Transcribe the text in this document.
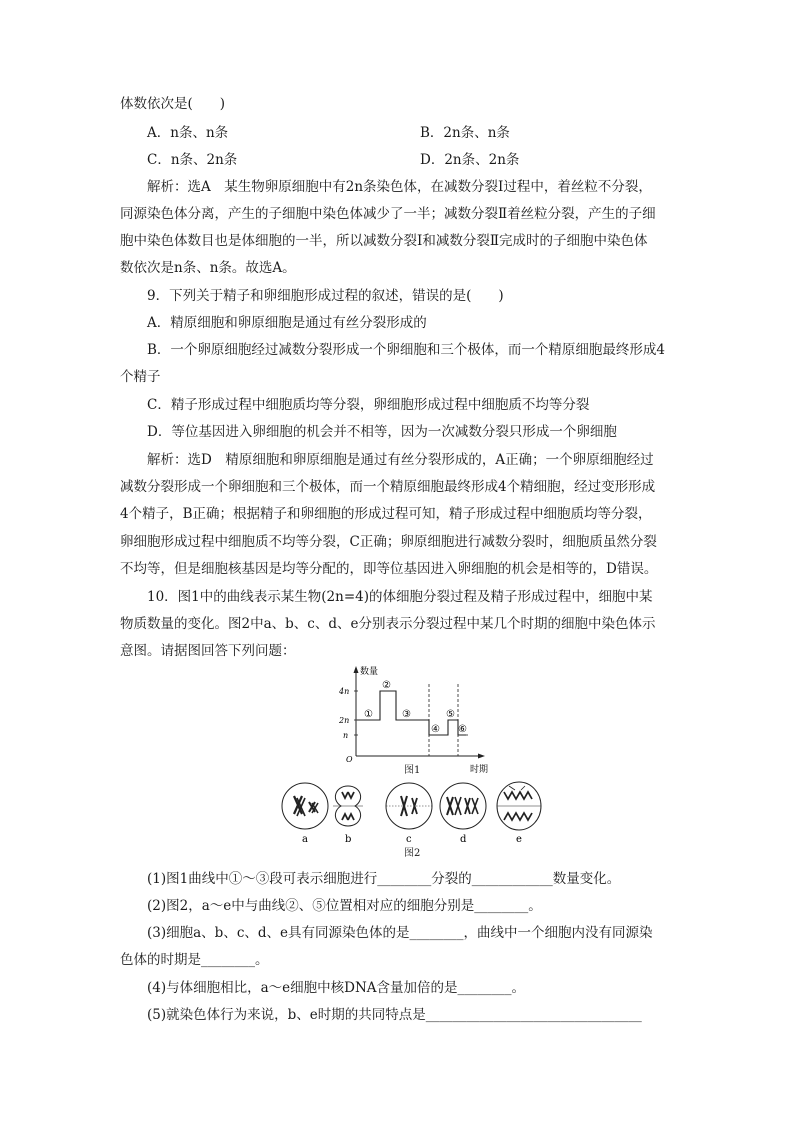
体数依次是(　　)
A．n条、n条	B．2n条、n条
C．n条、2n条	D．2n条、2n条
解析：选A　某生物卵原细胞中有2n条染色体，在减数分裂Ⅰ过程中，着丝粒不分裂，
同源染色体分离，产生的子细胞中染色体减少了一半；减数分裂Ⅱ着丝粒分裂，产生的子细
胞中染色体数目也是体细胞的一半，所以减数分裂Ⅰ和减数分裂Ⅱ完成时的子细胞中染色体
数依次是n条、n条。故选A。
9．下列关于精子和卵细胞形成过程的叙述，错误的是(　　)
A．精原细胞和卵原细胞是通过有丝分裂形成的
B．一个卵原细胞经过减数分裂形成一个卵细胞和三个极体，而一个精原细胞最终形成4
个精子
C．精子形成过程中细胞质均等分裂，卵细胞形成过程中细胞质不均等分裂
D．等位基因进入卵细胞的机会并不相等，因为一次减数分裂只形成一个卵细胞
解析：选D　精原细胞和卵原细胞是通过有丝分裂形成的，A正确；一个卵原细胞经过
减数分裂形成一个卵细胞和三个极体，而一个精原细胞最终形成4个精细胞，经过变形形成
4个精子，B正确；根据精子和卵细胞的形成过程可知，精子形成过程中细胞质均等分裂，
卵细胞形成过程中细胞质不均等分裂，C正确；卵原细胞进行减数分裂时，细胞质虽然分裂
不均等，但是细胞核基因是均等分配的，即等位基因进入卵细胞的机会是相等的，D错误。
10．图1中的曲线表示某生物(2n=4)的体细胞分裂过程及精子形成过程中，细胞中某
物质数量的变化。图2中a、b、c、d、e分别表示分裂过程中某几个时期的细胞中染色体示
意图。请据图回答下列问题：
数量
时期
O
4n
2n
n
①
②
③
④
⑤
⑥
图1
a	b	c	d	e
图2
(1)图1曲线中①～③段可表示细胞进行________分裂的____________数量变化。
(2)图2，a～e中与曲线②、⑤位置相对应的细胞分别是________。
(3)细胞a、b、c、d、e具有同源染色体的是________，曲线中一个细胞内没有同源染
色体的时期是________。
(4)与体细胞相比，a～e细胞中核DNA含量加倍的是________。
(5)就染色体行为来说，b、e时期的共同特点是________________________________
